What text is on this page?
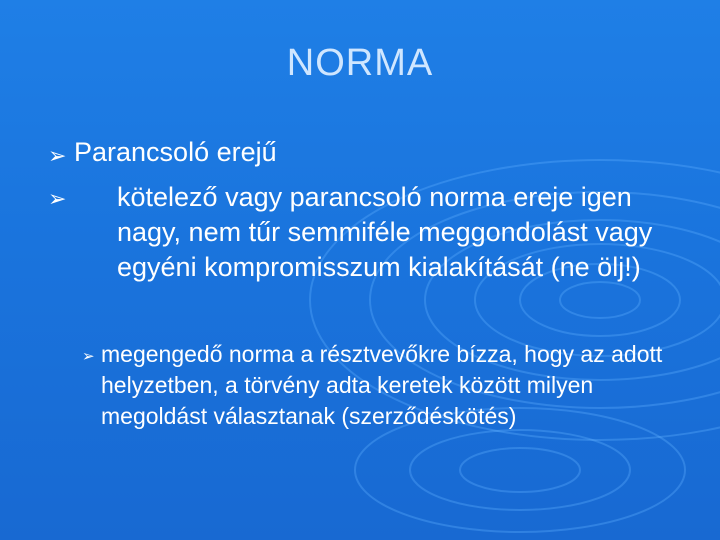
NORMA
➢ Parancsoló erejű
➢ kötelező vagy parancsoló norma ereje igen nagy, nem tűr semmiféle meggondolást vagy egyéni kompromisszum kialakítását (ne ölj!)
➢ megengedő norma a résztvevőkre bízza, hogy az adott helyzetben, a törvény adta keretek között milyen megoldást választanak (szerződéskötés)
